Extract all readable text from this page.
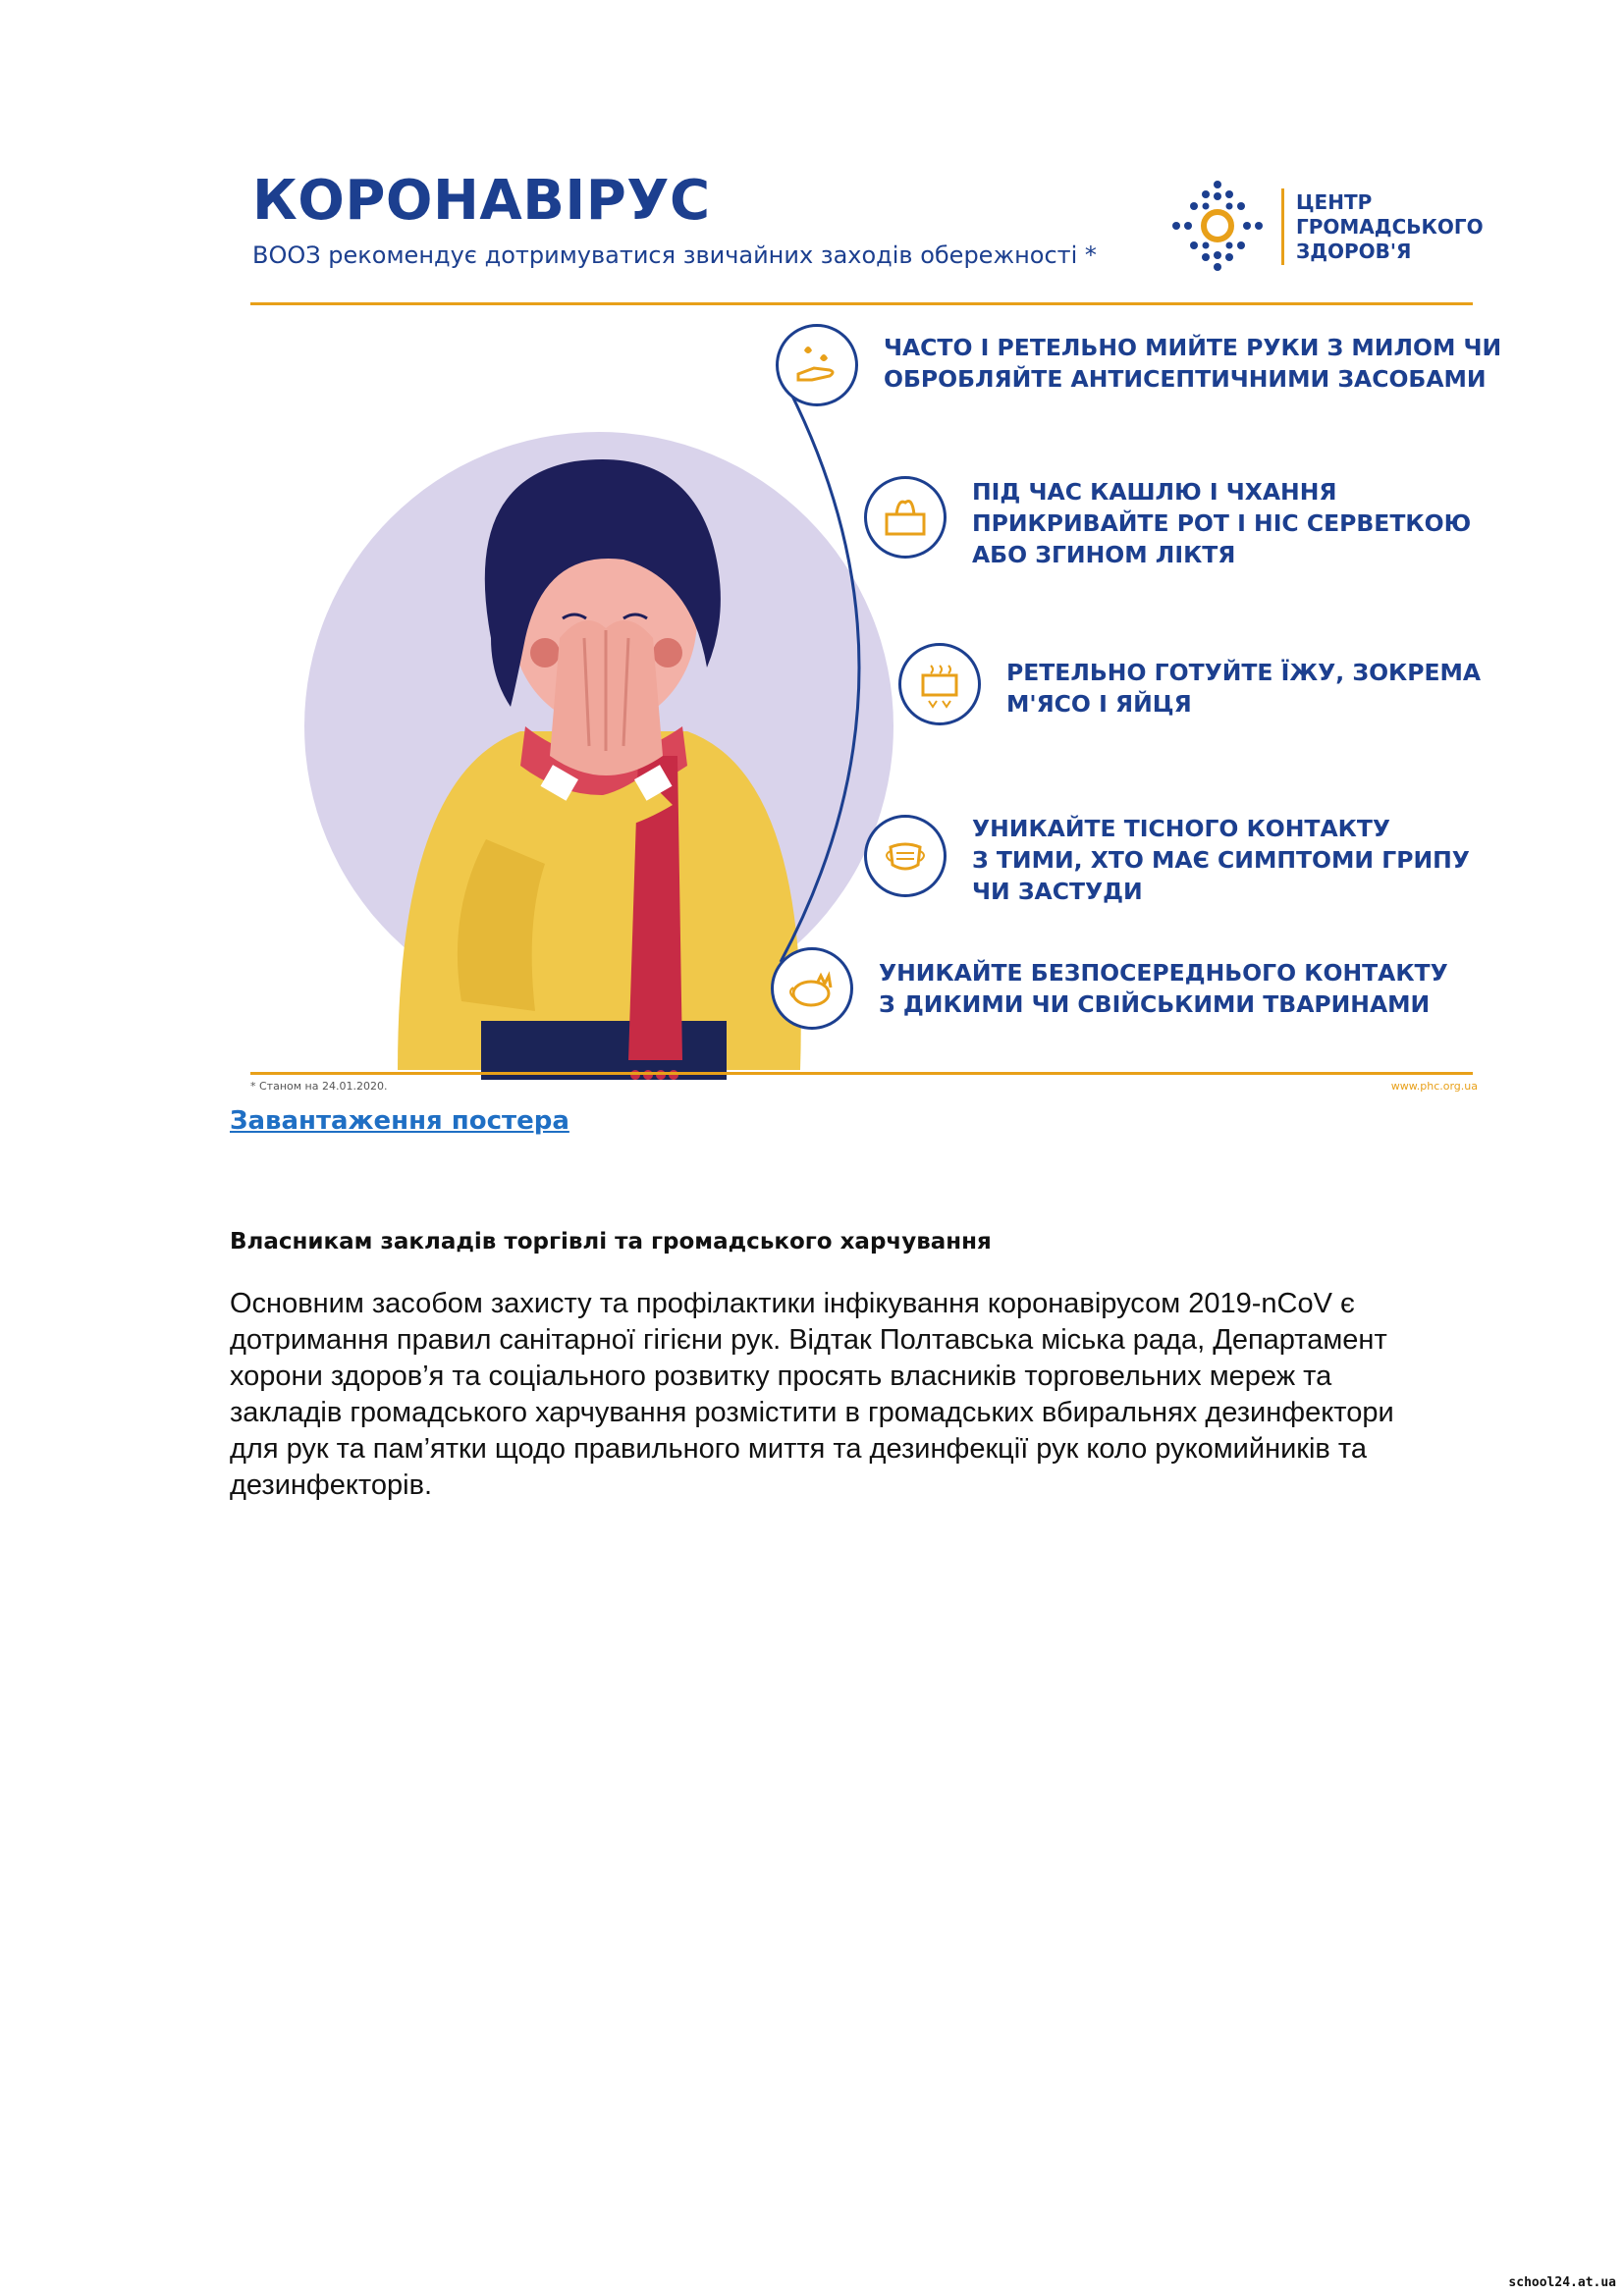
КОРОНАВІРУС
ВООЗ рекомендує дотримуватися звичайних заходів обережності *
ЦЕНТР
ГРОМАДСЬКОГО
ЗДОРОВ'Я
ЧАСТО І РЕТЕЛЬНО МИЙТЕ РУКИ З МИЛОМ ЧИ
ОБРОБЛЯЙТЕ АНТИСЕПТИЧНИМИ ЗАСОБАМИ
ПІД ЧАС КАШЛЮ І ЧХАННЯ
ПРИКРИВАЙТЕ РОТ І НІС СЕРВЕТКОЮ
АБО ЗГИНОМ ЛІКТЯ
РЕТЕЛЬНО ГОТУЙТЕ ЇЖУ, ЗОКРЕМА
М'ЯСО І ЯЙЦЯ
УНИКАЙТЕ ТІСНОГО КОНТАКТУ
З ТИМИ, ХТО МАЄ СИМПТОМИ ГРИПУ
ЧИ ЗАСТУДИ
УНИКАЙТЕ БЕЗПОСЕРЕДНЬОГО КОНТАКТУ
З ДИКИМИ ЧИ СВІЙСЬКИМИ ТВАРИНАМИ
* Станом на 24.01.2020.	www.phc.org.ua
Завантаження постера
Власникам закладів торгівлі та громадського харчування
Основним засобом захисту та профілактики інфікування коронавірусом 2019-nCoV є
дотримання правил санітарної гігієни рук. Відтак Полтавська міська рада, Департамент
хорони здоров’я та соціального розвитку просять власників торговельних мереж та
закладів громадського харчування розмістити в громадських вбиральнях дезинфектори
для рук та пам’ятки щодо правильного миття та дезинфекції рук коло рукомийників та
дезинфекторів.
school24.at.ua
